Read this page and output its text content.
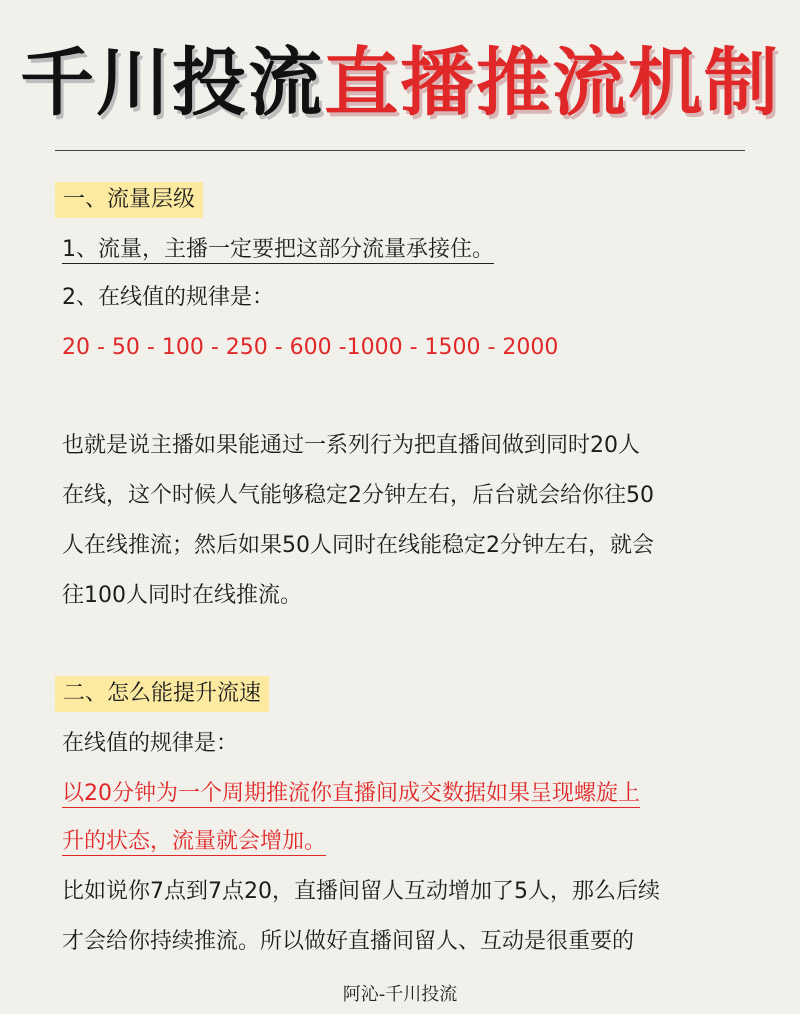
千川投流直播推流机制
一、流量层级
1、流量，主播一定要把这部分流量承接住。
2、在线值的规律是：
20 - 50 - 100 - 250 - 600 -1000 - 1500 - 2000
也就是说主播如果能通过一系列行为把直播间做到同时20人
在线，这个时候人气能够稳定2分钟左右，后台就会给你往50
人在线推流；然后如果50人同时在线能稳定2分钟左右，就会
往100人同时在线推流。
二、怎么能提升流速
在线值的规律是：
以20分钟为一个周期推流你直播间成交数据如果呈现螺旋上
升的状态，流量就会增加。
比如说你7点到7点20，直播间留人互动增加了5人，那么后续
才会给你持续推流。所以做好直播间留人、互动是很重要的
阿沁-千川投流
